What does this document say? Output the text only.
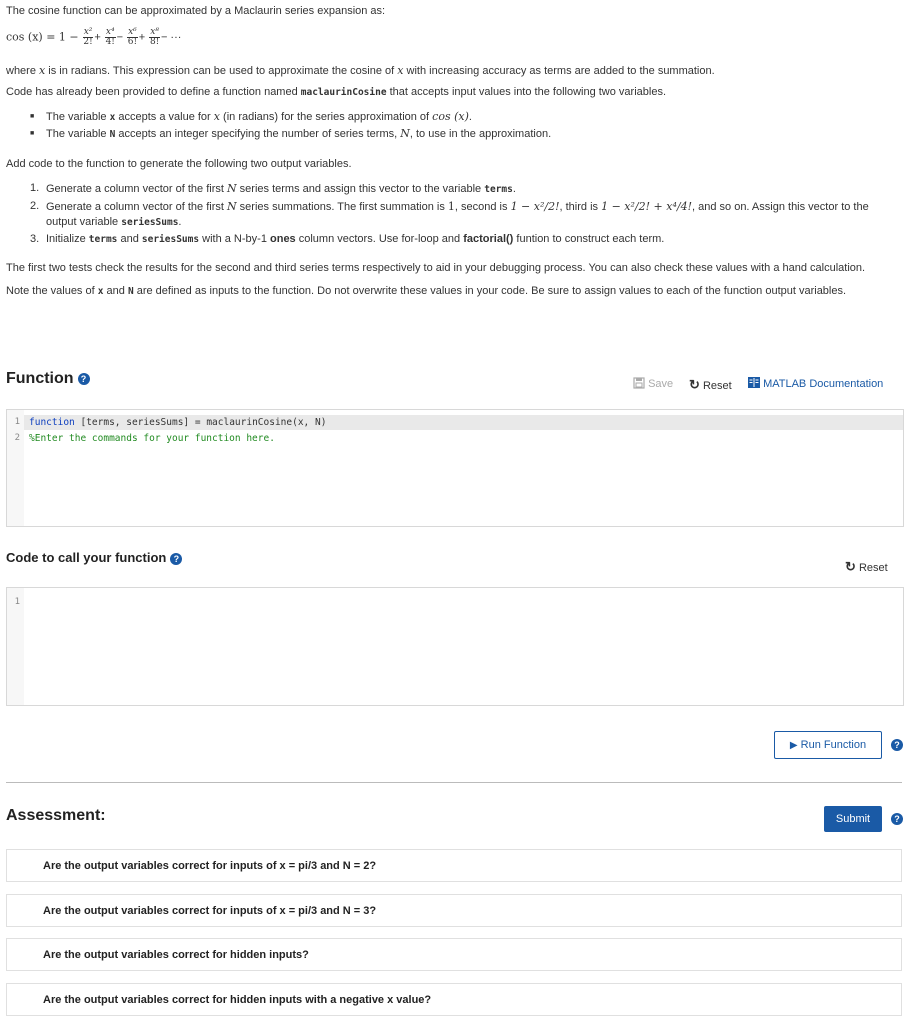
The cosine function can be approximated by a Maclaurin series expansion as:
$\cos (x) = 1 - \frac{\text{x²}}{2!} + \frac{\text{x⁴}}{4!} - \frac{\text{x⁶}}{6!} + \frac{\text{x⁸}}{8!}$ − ···
where x is in radians. This expression can be used to approximate the cosine of x with increasing accuracy as terms are added to the summation.
Code has already been provided to define a function named maclaurinCosine that accepts input values into the following two variables.
■ The variable x accepts a value for x (in radians) for the series approximation of cos (x).
■ The variable N accepts an integer specifying the number of series terms, N, to use in the approximation.
Add code to the function to generate the following two output variables.
1. Generate a column vector of the first N series terms and assign this vector to the variable terms.
2. Generate a column vector of the first N series summations. The first summation is 1, second is 1 − x²/2!, third is 1 − x²/2! + x⁴/4!, and so on. Assign this vector to the
output variable seriesSums.
3. Initialize terms and seriesSums with a N-by-1 ones column vectors. Use for-loop and factorial() funtion to construct each term.
The first two tests check the results for the second and third series terms respectively to aid in your debugging process. You can also check these values with a hand calculation.
Note the values of x and N are defined as inputs to the function. Do not overwrite these values in your code. Be sure to assign values to each of the function output variables.
Function ?	Save ↻ Reset	MATLAB Documentation
1 function [terms, seriesSums] = maclaurinCosine(x, N)
2 %Enter the commands for your function here.
Code to call your function ?
↻ Reset
1
▶ Run Function	?
Assessment:	Submit	?
Are the output variables correct for inputs of x = pi/3 and N = 2?
Are the output variables correct for inputs of x = pi/3 and N = 3?
Are the output variables correct for hidden inputs?
Are the output variables correct for hidden inputs with a negative x value?
